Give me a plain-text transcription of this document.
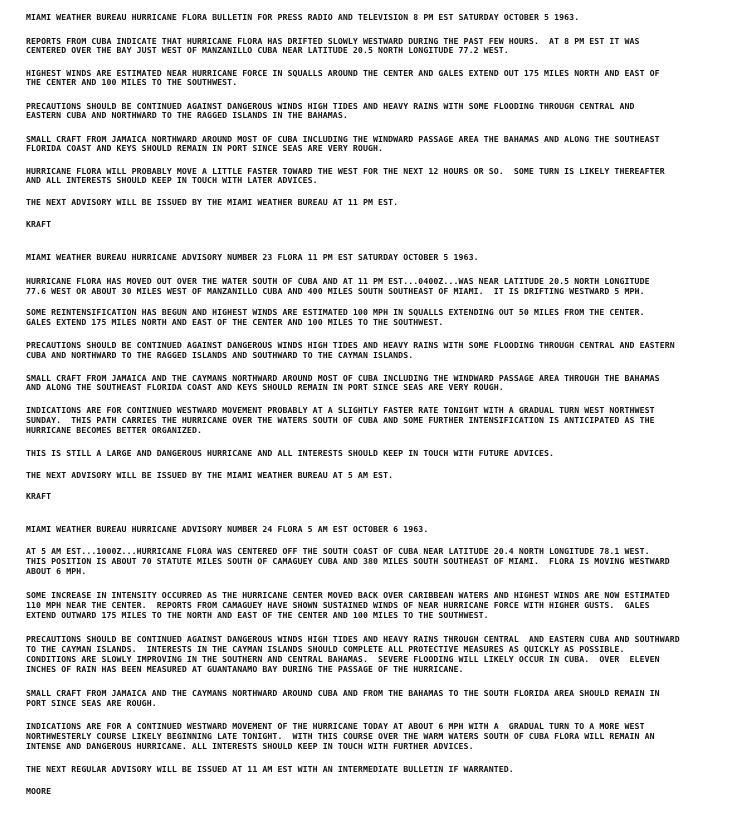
MIAMI WEATHER BUREAU HURRICANE FLORA BULLETIN FOR PRESS RADIO AND TELEVISION 8 PM EST SATURDAY OCTOBER 5 1963.

REPORTS FROM CUBA INDICATE THAT HURRICANE FLORA HAS DRIFTED SLOWLY WESTWARD DURING THE PAST FEW HOURS.  AT 8 PM EST IT WAS

CENTERED OVER THE BAY JUST WEST OF MANZANILLO CUBA NEAR LATITUDE 20.5 NORTH LONGITUDE 77.2 WEST.

HIGHEST WINDS ARE ESTIMATED NEAR HURRICANE FORCE IN SQUALLS AROUND THE CENTER AND GALES EXTEND OUT 175 MILES NORTH AND EAST OF

THE CENTER AND 100 MILES TO THE SOUTHWEST.

PRECAUTIONS SHOULD BE CONTINUED AGAINST DANGEROUS WINDS HIGH TIDES AND HEAVY RAINS WITH SOME FLOODING THROUGH CENTRAL AND

EASTERN CUBA AND NORTHWARD TO THE RAGGED ISLANDS IN THE BAHAMAS.

SMALL CRAFT FROM JAMAICA NORTHWARD AROUND MOST OF CUBA INCLUDING THE WINDWARD PASSAGE AREA THE BAHAMAS AND ALONG THE SOUTHEAST

FLORIDA COAST AND KEYS SHOULD REMAIN IN PORT SINCE SEAS ARE VERY ROUGH.

HURRICANE FLORA WILL PROBABLY MOVE A LITTLE FASTER TOWARD THE WEST FOR THE NEXT 12 HOURS OR SO.  SOME TURN IS LIKELY THEREAFTER

AND ALL INTERESTS SHOULD KEEP IN TOUCH WITH LATER ADVICES.

THE NEXT ADVISORY WILL BE ISSUED BY THE MIAMI WEATHER BUREAU AT 11 PM EST.

KRAFT

MIAMI WEATHER BUREAU HURRICANE ADVISORY NUMBER 23 FLORA 11 PM EST SATURDAY OCTOBER 5 1963.

HURRICANE FLORA HAS MOVED OUT OVER THE WATER SOUTH OF CUBA AND AT 11 PM EST...0400Z...WAS NEAR LATITUDE 20.5 NORTH LONGITUDE

77.6 WEST OR ABOUT 30 MILES WEST OF MANZANILLO CUBA AND 400 MILES SOUTH SOUTHEAST OF MIAMI.  IT IS DRIFTING WESTWARD 5 MPH.

SOME REINTENSIFICATION HAS BEGUN AND HIGHEST WINDS ARE ESTIMATED 100 MPH IN SQUALLS EXTENDING OUT 50 MILES FROM THE CENTER.

GALES EXTEND 175 MILES NORTH AND EAST OF THE CENTER AND 100 MILES TO THE SOUTHWEST.

PRECAUTIONS SHOULD BE CONTINUED AGAINST DANGEROUS WINDS HIGH TIDES AND HEAVY RAINS WITH SOME FLOODING THROUGH CENTRAL AND EASTERN

CUBA AND NORTHWARD TO THE RAGGED ISLANDS AND SOUTHWARD TO THE CAYMAN ISLANDS.

SMALL CRAFT FROM JAMAICA AND THE CAYMANS NORTHWARD AROUND MOST OF CUBA INCLUDING THE WINDWARD PASSAGE AREA THROUGH THE BAHAMAS

AND ALONG THE SOUTHEAST FLORIDA COAST AND KEYS SHOULD REMAIN IN PORT SINCE SEAS ARE VERY ROUGH.

INDICATIONS ARE FOR CONTINUED WESTWARD MOVEMENT PROBABLY AT A SLIGHTLY FASTER RATE TONIGHT WITH A GRADUAL TURN WEST NORTHWEST

SUNDAY.  THIS PATH CARRIES THE HURRICANE OVER THE WATERS SOUTH OF CUBA AND SOME FURTHER INTENSIFICATION IS ANTICIPATED AS THE

HURRICANE BECOMES BETTER ORGANIZED.

THIS IS STILL A LARGE AND DANGEROUS HURRICANE AND ALL INTERESTS SHOULD KEEP IN TOUCH WITH FUTURE ADVICES.

THE NEXT ADVISORY WILL BE ISSUED BY THE MIAMI WEATHER BUREAU AT 5 AM EST.

KRAFT

MIAMI WEATHER BUREAU HURRICANE ADVISORY NUMBER 24 FLORA 5 AM EST OCTOBER 6 1963.

AT 5 AM EST...1000Z...HURRICANE FLORA WAS CENTERED OFF THE SOUTH COAST OF CUBA NEAR LATITUDE 20.4 NORTH LONGITUDE 78.1 WEST.

THIS POSITION IS ABOUT 70 STATUTE MILES SOUTH OF CAMAGUEY CUBA AND 380 MILES SOUTH SOUTHEAST OF MIAMI.  FLORA IS MOVING WESTWARD

ABOUT 6 MPH.

SOME INCREASE IN INTENSITY OCCURRED AS THE HURRICANE CENTER MOVED BACK OVER CARIBBEAN WATERS AND HIGHEST WINDS ARE NOW ESTIMATED

110 MPH NEAR THE CENTER.  REPORTS FROM CAMAGUEY HAVE SHOWN SUSTAINED WINDS OF NEAR HURRICANE FORCE WITH HIGHER GUSTS.  GALES

EXTEND OUTWARD 175 MILES TO THE NORTH AND EAST OF THE CENTER AND 100 MILES TO THE SOUTHWEST.

PRECAUTIONS SHOULD BE CONTINUED AGAINST DANGEROUS WINDS HIGH TIDES AND HEAVY RAINS THROUGH CENTRAL  AND EASTERN CUBA AND SOUTHWARD

TO THE CAYMAN ISLANDS.  INTERESTS IN THE CAYMAN ISLANDS SHOULD COMPLETE ALL PROTECTIVE MEASURES AS QUICKLY AS POSSIBLE.

CONDITIONS ARE SLOWLY IMPROVING IN THE SOUTHERN AND CENTRAL BAHAMAS.  SEVERE FLOODING WILL LIKELY OCCUR IN CUBA.  OVER  ELEVEN

INCHES OF RAIN HAS BEEN MEASURED AT GUANTANAMO BAY DURING THE PASSAGE OF THE HURRICANE.

SMALL CRAFT FROM JAMAICA AND THE CAYMANS NORTHWARD AROUND CUBA AND FROM THE BAHAMAS TO THE SOUTH FLORIDA AREA SHOULD REMAIN IN

PORT SINCE SEAS ARE ROUGH.

INDICATIONS ARE FOR A CONTINUED WESTWARD MOVEMENT OF THE HURRICANE TODAY AT ABOUT 6 MPH WITH A  GRADUAL TURN TO A MORE WEST

NORTHWESTERLY COURSE LIKELY BEGINNING LATE TONIGHT.  WITH THIS COURSE OVER THE WARM WATERS SOUTH OF CUBA FLORA WILL REMAIN AN

INTENSE AND DANGEROUS HURRICANE. ALL INTERESTS SHOULD KEEP IN TOUCH WITH FURTHER ADVICES.

THE NEXT REGULAR ADVISORY WILL BE ISSUED AT 11 AM EST WITH AN INTERMEDIATE BULLETIN IF WARRANTED.

MOORE
